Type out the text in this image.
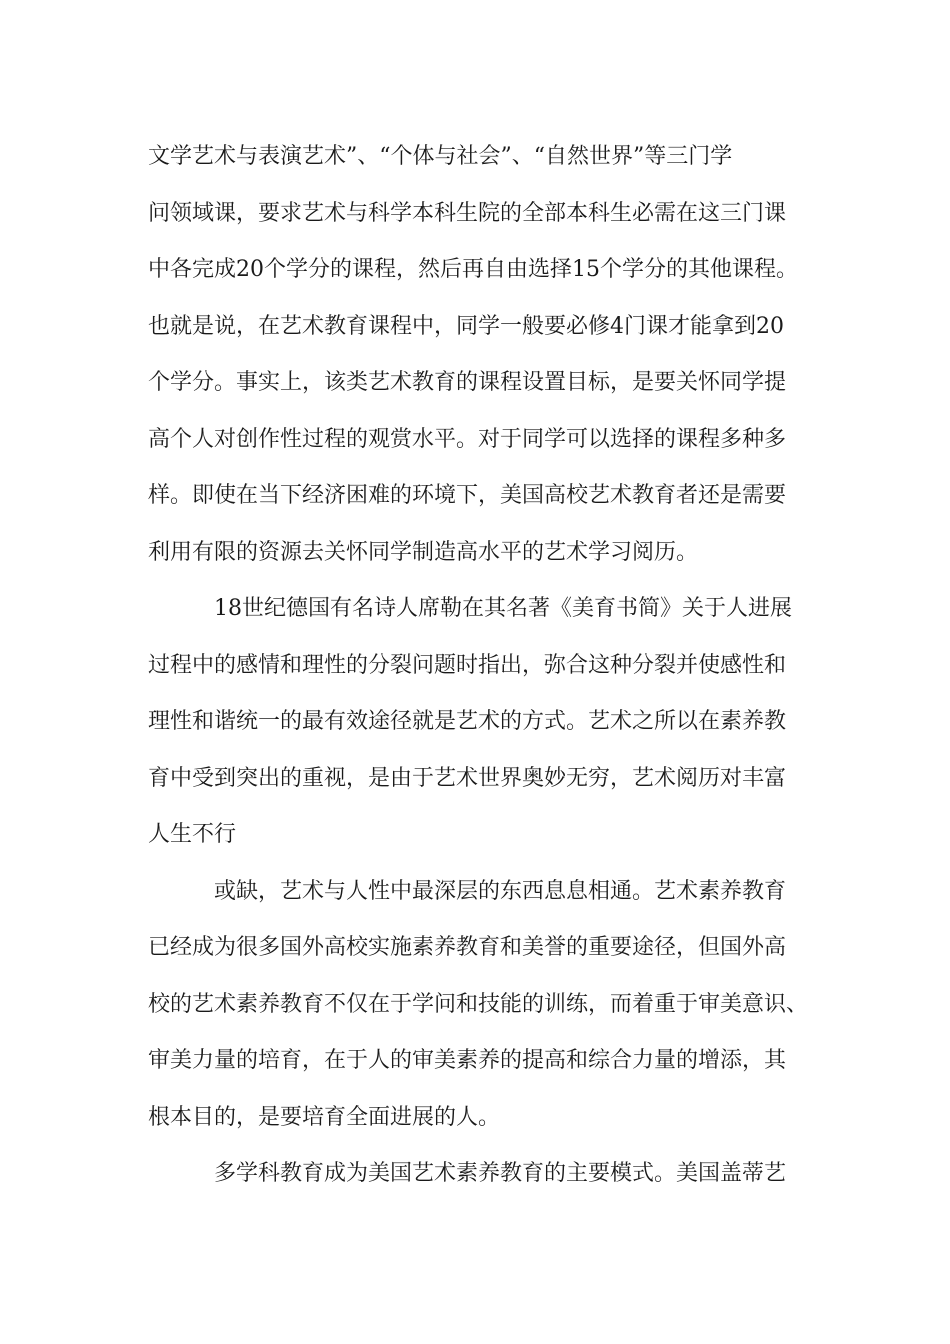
文学艺术与表演艺术”、“个体与社会”、“自然世界”等三门学
问领域课，要求艺术与科学本科生院的全部本科生必需在这三门课
中各完成20个学分的课程，然后再自由选择15个学分的其他课程。
也就是说，在艺术教育课程中，同学一般要必修4门课才能拿到20
个学分。事实上，该类艺术教育的课程设置目标，是要关怀同学提
高个人对创作性过程的观赏水平。对于同学可以选择的课程多种多
样。即使在当下经济困难的环境下，美国高校艺术教育者还是需要
利用有限的资源去关怀同学制造高水平的艺术学习阅历。
18世纪德国有名诗人席勒在其名著《美育书简》关于人进展
过程中的感情和理性的分裂问题时指出，弥合这种分裂并使感性和
理性和谐统一的最有效途径就是艺术的方式。艺术之所以在素养教
育中受到突出的重视，是由于艺术世界奥妙无穷，艺术阅历对丰富
人生不行
或缺，艺术与人性中最深层的东西息息相通。艺术素养教育
已经成为很多国外高校实施素养教育和美誉的重要途径，但国外高
校的艺术素养教育不仅在于学问和技能的训练，而着重于审美意识、
审美力量的培育，在于人的审美素养的提高和综合力量的增添，其
根本目的，是要培育全面进展的人。
多学科教育成为美国艺术素养教育的主要模式。美国盖蒂艺
